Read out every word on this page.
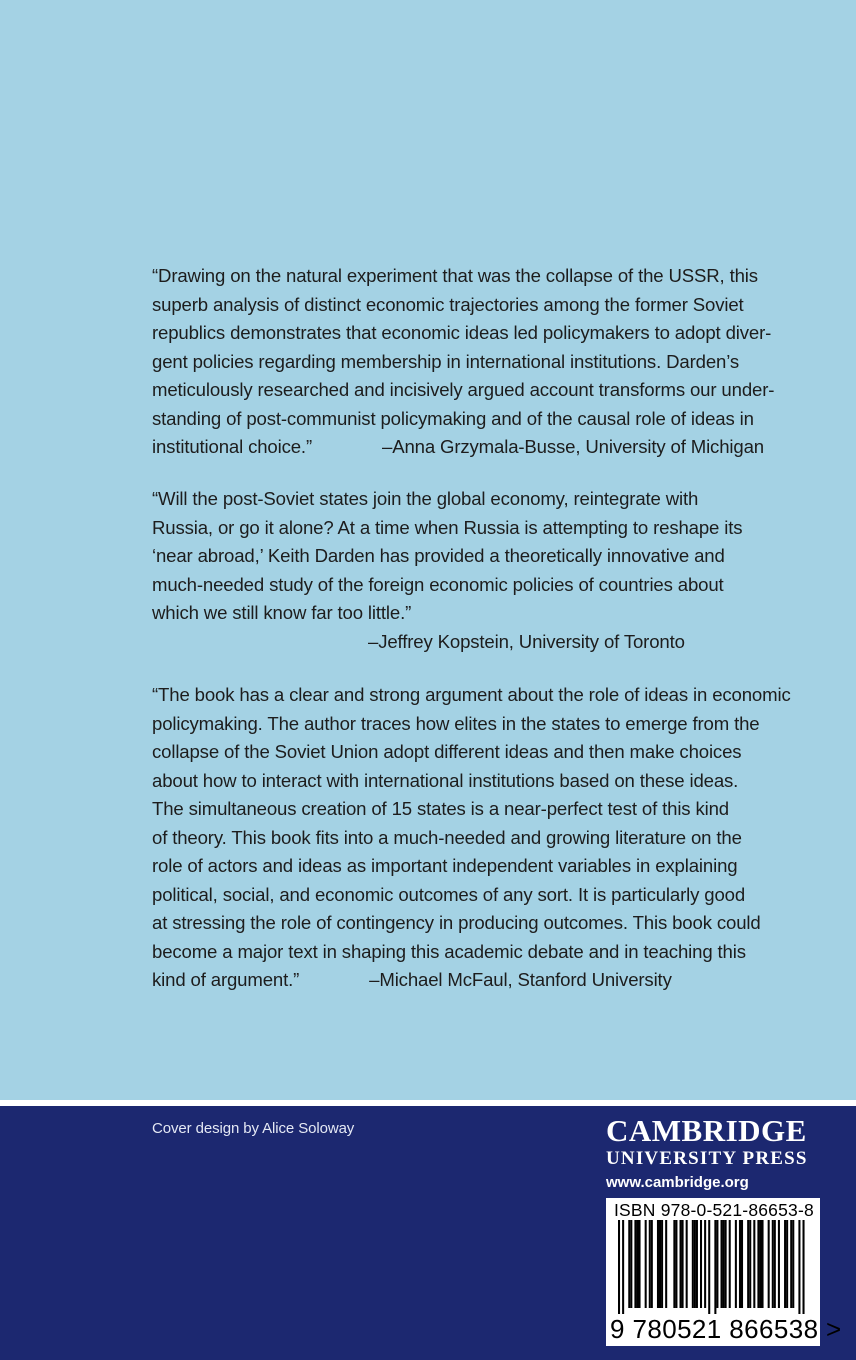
“Drawing on the natural experiment that was the collapse of the USSR, this
superb analysis of distinct economic trajectories among the former Soviet
republics demonstrates that economic ideas led policymakers to adopt diver-
gent policies regarding membership in international institutions. Darden’s
meticulously researched and incisively argued account transforms our under-
standing of post-communist policymaking and of the causal role of ideas in
institutional choice.”	–Anna Grzymala-Busse, University of Michigan
“Will the post-Soviet states join the global economy, reintegrate with
Russia, or go it alone? At a time when Russia is attempting to reshape its
‘near abroad,’ Keith Darden has provided a theoretically innovative and
much-needed study of the foreign economic policies of countries about
which we still know far too little.”
–Jeffrey Kopstein, University of Toronto
“The book has a clear and strong argument about the role of ideas in economic
policymaking. The author traces how elites in the states to emerge from the
collapse of the Soviet Union adopt different ideas and then make choices
about how to interact with international institutions based on these ideas.
The simultaneous creation of 15 states is a near-perfect test of this kind
of theory. This book fits into a much-needed and growing literature on the
role of actors and ideas as important independent variables in explaining
political, social, and economic outcomes of any sort. It is particularly good
at stressing the role of contingency in producing outcomes. This book could
become a major text in shaping this academic debate and in teaching this
kind of argument.”	–Michael McFaul, Stanford University
Cover design by Alice Soloway	CAMBRIDGE
UNIVERSITY PRESS
www.cambridge.org
ISBN 978-0-521-86653-8
9 780521 866538 >
